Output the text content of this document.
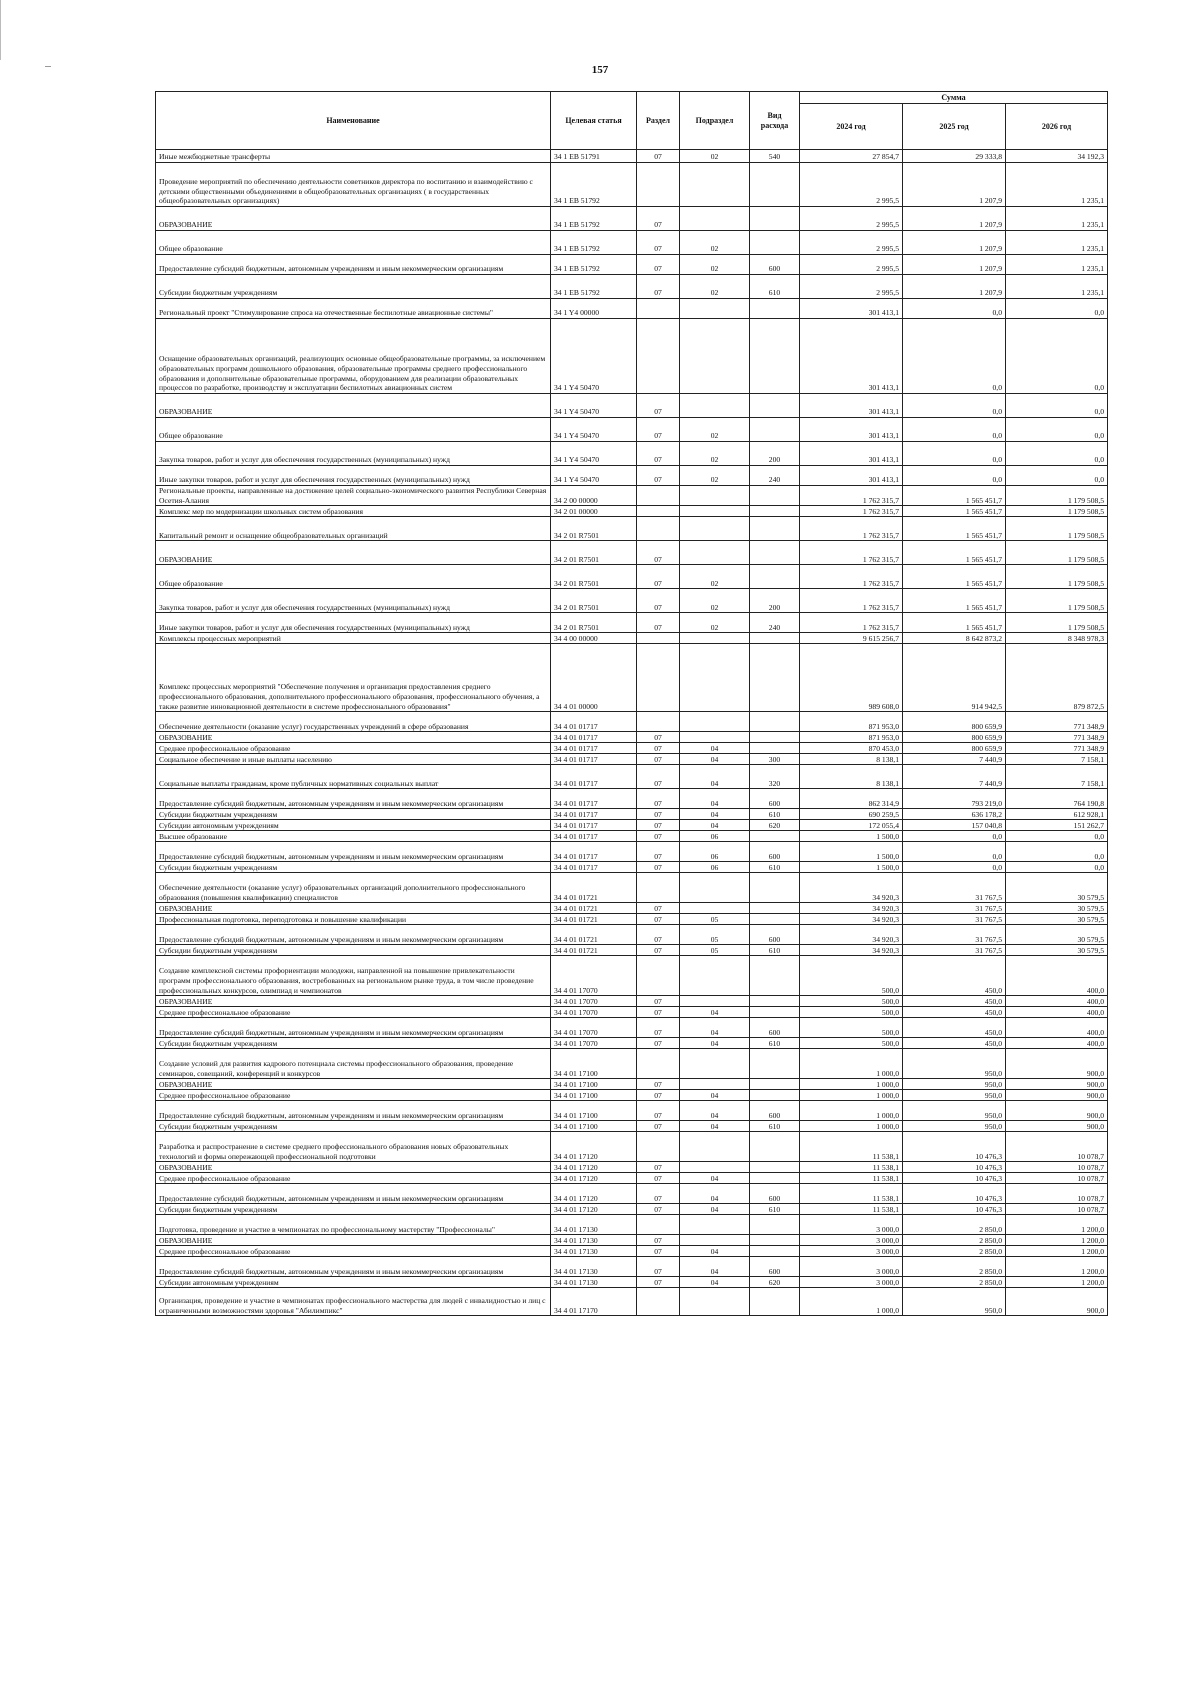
157
Наименование	Целевая статья	Раздел	Подраздел	Вид расхода	Сумма		
					2024 год	2025 год	2026 год
Иные межбюджетные трансферты	34 1 EB 51791	07	02	540	27 854,7	29 333,8	34 192,3
Проведение мероприятий по обеспечению деятельности советников директора по воспитанию и взаимодействию с детскими общественными объединениями в общеобразовательных организациях ( в государственных общеобразовательных организациях)	34 1 EB 51792				2 995,5	1 207,9	1 235,1
ОБРАЗОВАНИЕ	34 1 EB 51792	07			2 995,5	1 207,9	1 235,1
Общее образование	34 1 EB 51792	07	02		2 995,5	1 207,9	1 235,1
Предоставление субсидий бюджетным, автономным учреждениям и иным некоммерческим организациям	34 1 EB 51792	07	02	600	2 995,5	1 207,9	1 235,1
Субсидии бюджетным учреждениям	34 1 EB 51792	07	02	610	2 995,5	1 207,9	1 235,1
Региональный проект "Стимулирование спроса на отечественные беспилотные авиационные системы"	34 1 Y4 00000				301 413,1	0,0	0,0
Оснащение образовательных организаций, реализующих основные общеобразовательные программы, за исключением образовательных программ дошкольного образования, образовательные программы среднего профессионального образования и дополнительные образовательные программы, оборудованием для реализации образовательных процессов по разработке, производству и эксплуатации беспилотных авиационных систем	34 1 Y4 50470				301 413,1	0,0	0,0
ОБРАЗОВАНИЕ	34 1 Y4 50470	07			301 413,1	0,0	0,0
Общее образование	34 1 Y4 50470	07	02		301 413,1	0,0	0,0
Закупка товаров, работ и услуг для обеспечения государственных (муниципальных) нужд	34 1 Y4 50470	07	02	200	301 413,1	0,0	0,0
Иные закупки товаров, работ и услуг для обеспечения государственных (муниципальных) нужд	34 1 Y4 50470	07	02	240	301 413,1	0,0	0,0
Региональные проекты, направленные на достижение целей социально-экономического развития Республики Северная Осетия-Алания	34 2 00 00000				1 762 315,7	1 565 451,7	1 179 508,5
Комплекс мер по модернизации школьных систем образования	34 2 01 00000				1 762 315,7	1 565 451,7	1 179 508,5
Капитальный ремонт и оснащение общеобразовательных организаций	34 2 01 R7501				1 762 315,7	1 565 451,7	1 179 508,5
ОБРАЗОВАНИЕ	34 2 01 R7501	07			1 762 315,7	1 565 451,7	1 179 508,5
Общее образование	34 2 01 R7501	07	02		1 762 315,7	1 565 451,7	1 179 508,5
Закупка товаров, работ и услуг для обеспечения государственных (муниципальных) нужд	34 2 01 R7501	07	02	200	1 762 315,7	1 565 451,7	1 179 508,5
Иные закупки товаров, работ и услуг для обеспечения государственных (муниципальных) нужд	34 2 01 R7501	07	02	240	1 762 315,7	1 565 451,7	1 179 508,5
Комплексы процессных мероприятий	34 4 00 00000				9 615 256,7	8 642 873,2	8 348 978,3
Комплекс процессных мероприятий "Обеспечение получения и организация предоставления среднего профессионального образования, дополнительного профессионального образования, профессионального обучения, а также развитие инновационной деятельности в системе профессионального образования"	34 4 01 00000				989 608,0	914 942,5	879 872,5
Обеспечение деятельности (оказание услуг) государственных учреждений в сфере образования	34 4 01 01717				871 953,0	800 659,9	771 348,9
ОБРАЗОВАНИЕ	34 4 01 01717	07			871 953,0	800 659,9	771 348,9
Среднее профессиональное образование	34 4 01 01717	07	04		870 453,0	800 659,9	771 348,9
Социальное обеспечение и иные выплаты населению	34 4 01 01717	07	04	300	8 138,1	7 440,9	7 158,1
Социальные выплаты гражданам, кроме публичных нормативных социальных выплат	34 4 01 01717	07	04	320	8 138,1	7 440,9	7 158,1
Предоставление субсидий бюджетным, автономным учреждениям и иным некоммерческим организациям	34 4 01 01717	07	04	600	862 314,9	793 219,0	764 190,8
Субсидии бюджетным учреждениям	34 4 01 01717	07	04	610	690 259,5	636 178,2	612 928,1
Субсидии автономным учреждениям	34 4 01 01717	07	04	620	172 055,4	157 040,8	151 262,7
Высшее образование	34 4 01 01717	07	06		1 500,0	0,0	0,0
Предоставление субсидий бюджетным, автономным учреждениям и иным некоммерческим организациям	34 4 01 01717	07	06	600	1 500,0	0,0	0,0
Субсидии бюджетным учреждениям	34 4 01 01717	07	06	610	1 500,0	0,0	0,0
Обеспечение деятельности (оказание услуг) образовательных организаций дополнительного профессионального образования (повышения квалификации) специалистов	34 4 01 01721				34 920,3	31 767,5	30 579,5
ОБРАЗОВАНИЕ	34 4 01 01721	07			34 920,3	31 767,5	30 579,5
Профессиональная подготовка, переподготовка и повышение квалификации	34 4 01 01721	07	05		34 920,3	31 767,5	30 579,5
Предоставление субсидий бюджетным, автономным учреждениям и иным некоммерческим организациям	34 4 01 01721	07	05	600	34 920,3	31 767,5	30 579,5
Субсидии бюджетным учреждениям	34 4 01 01721	07	05	610	34 920,3	31 767,5	30 579,5
Создание комплексной системы профориентации молодежи, направленной на повышение привлекательности программ профессионального образования, востребованных на региональном рынке труда, в том числе проведение профессиональных конкурсов, олимпиад и чемпионатов	34 4 01 17070				500,0	450,0	400,0
ОБРАЗОВАНИЕ	34 4 01 17070	07			500,0	450,0	400,0
Среднее профессиональное образование	34 4 01 17070	07	04		500,0	450,0	400,0
Предоставление субсидий бюджетным, автономным учреждениям и иным некоммерческим организациям	34 4 01 17070	07	04	600	500,0	450,0	400,0
Субсидии бюджетным учреждениям	34 4 01 17070	07	04	610	500,0	450,0	400,0
Создание условий для развития кадрового потенциала системы профессионального образования, проведение семинаров, совещаний, конференций и конкурсов	34 4 01 17100				1 000,0	950,0	900,0
ОБРАЗОВАНИЕ	34 4 01 17100	07			1 000,0	950,0	900,0
Среднее профессиональное образование	34 4 01 17100	07	04		1 000,0	950,0	900,0
Предоставление субсидий бюджетным, автономным учреждениям и иным некоммерческим организациям	34 4 01 17100	07	04	600	1 000,0	950,0	900,0
Субсидии бюджетным учреждениям	34 4 01 17100	07	04	610	1 000,0	950,0	900,0
Разработка и распространение в системе среднего профессионального образования новых образовательных технологий и формы опережающей профессиональной подготовки	34 4 01 17120				11 538,1	10 476,3	10 078,7
ОБРАЗОВАНИЕ	34 4 01 17120	07			11 538,1	10 476,3	10 078,7
Среднее профессиональное образование	34 4 01 17120	07	04		11 538,1	10 476,3	10 078,7
Предоставление субсидий бюджетным, автономным учреждениям и иным некоммерческим организациям	34 4 01 17120	07	04	600	11 538,1	10 476,3	10 078,7
Субсидии бюджетным учреждениям	34 4 01 17120	07	04	610	11 538,1	10 476,3	10 078,7
Подготовка, проведение и участие в чемпионатах по профессиональному мастерству "Профессионалы"	34 4 01 17130				3 000,0	2 850,0	1 200,0
ОБРАЗОВАНИЕ	34 4 01 17130	07			3 000,0	2 850,0	1 200,0
Среднее профессиональное образование	34 4 01 17130	07	04		3 000,0	2 850,0	1 200,0
Предоставление субсидий бюджетным, автономным учреждениям и иным некоммерческим организациям	34 4 01 17130	07	04	600	3 000,0	2 850,0	1 200,0
Субсидии автономным учреждениям	34 4 01 17130	07	04	620	3 000,0	2 850,0	1 200,0
Организация, проведение и участие в чемпионатах профессионального мастерства для людей с инвалидностью и лиц с ограниченными возможностями здоровья "Абилимпикс"	34 4 01 17170				1 000,0	950,0	900,0
